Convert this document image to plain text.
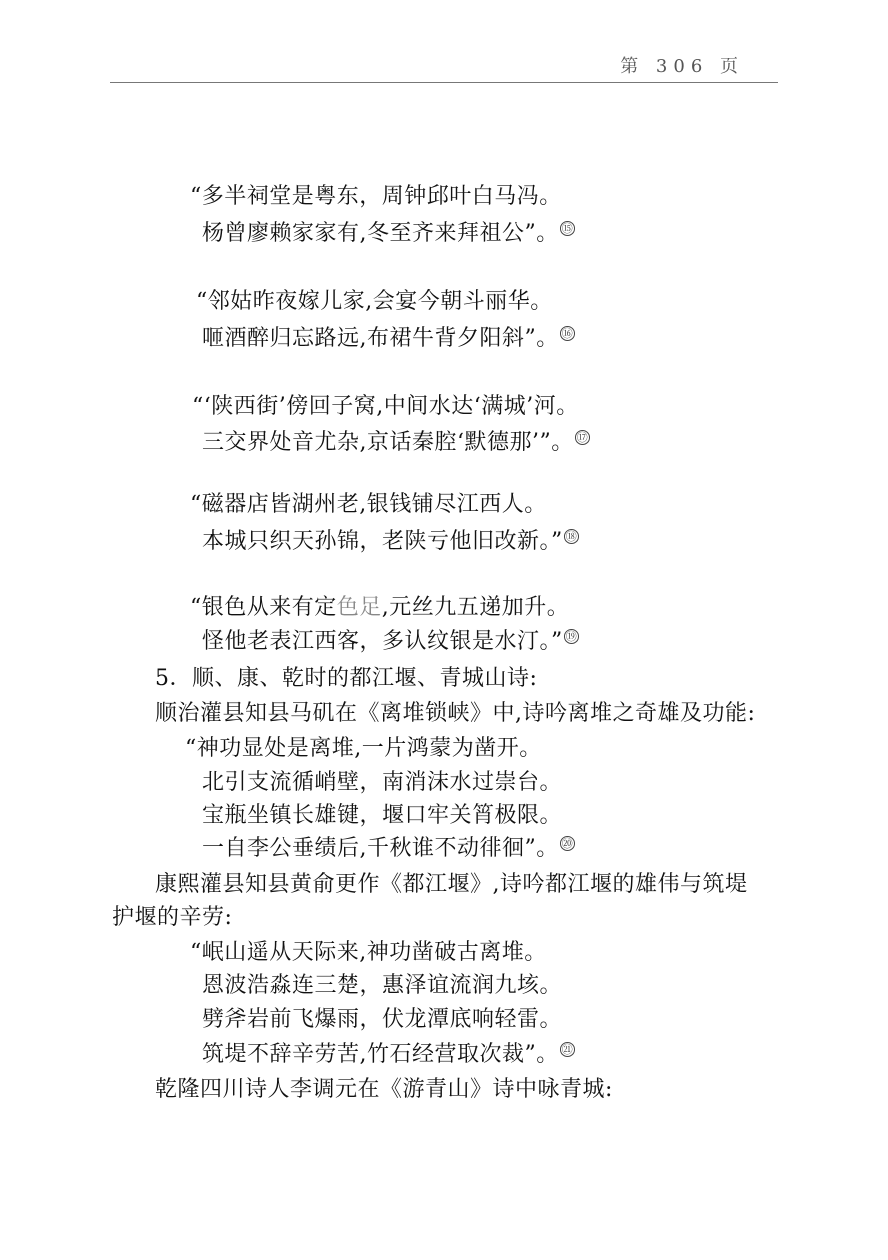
第 306 页
“多半祠堂是粤东，周钟邱叶白马冯。
杨曾廖赖家家有,冬至齐来拜祖公”。 ⑮
“邻姑昨夜嫁儿家,会宴今朝斗丽华。
咂酒醉归忘路远,布裙牛背夕阳斜”。 ⑯
“‘陕西街’傍回子窝,中间水达‘满城’河。
三交界处音尤杂,京话秦腔‘默德那’”。 ⑰
“磁器店皆湖州老,银钱铺尽江西人。
本城只织天孙锦，老陕亏他旧改新。” ⑱
“银色从来有定色足,元丝九五递加升。
怪他老表江西客，多认纹银是水汀。” ⑲
5．顺、康、乾时的都江堰、青城山诗:
顺治灌县知县马矶在《离堆锁峡》中,诗吟离堆之奇雄及功能:
“神功显处是离堆,一片鸿蒙为凿开。
北引支流循峭壁，南消沫水过崇台。
宝瓶坐镇长雄键，堰口牢关筲极限。
一自李公垂绩后,千秋谁不动徘徊”。 ⑳
康熙灌县知县黄俞更作《都江堰》,诗吟都江堰的雄伟与筑堤
护堰的辛劳:
“岷山遥从天际来,神功凿破古离堆。
恩波浩淼连三楚，惠泽谊流润九垓。
劈斧岩前飞爆雨，伏龙潭底响轻雷。
筑堤不辞辛劳苦,竹石经营取次裁”。 $^㉑$
乾隆四川诗人李调元在《游青山》诗中咏青城:
